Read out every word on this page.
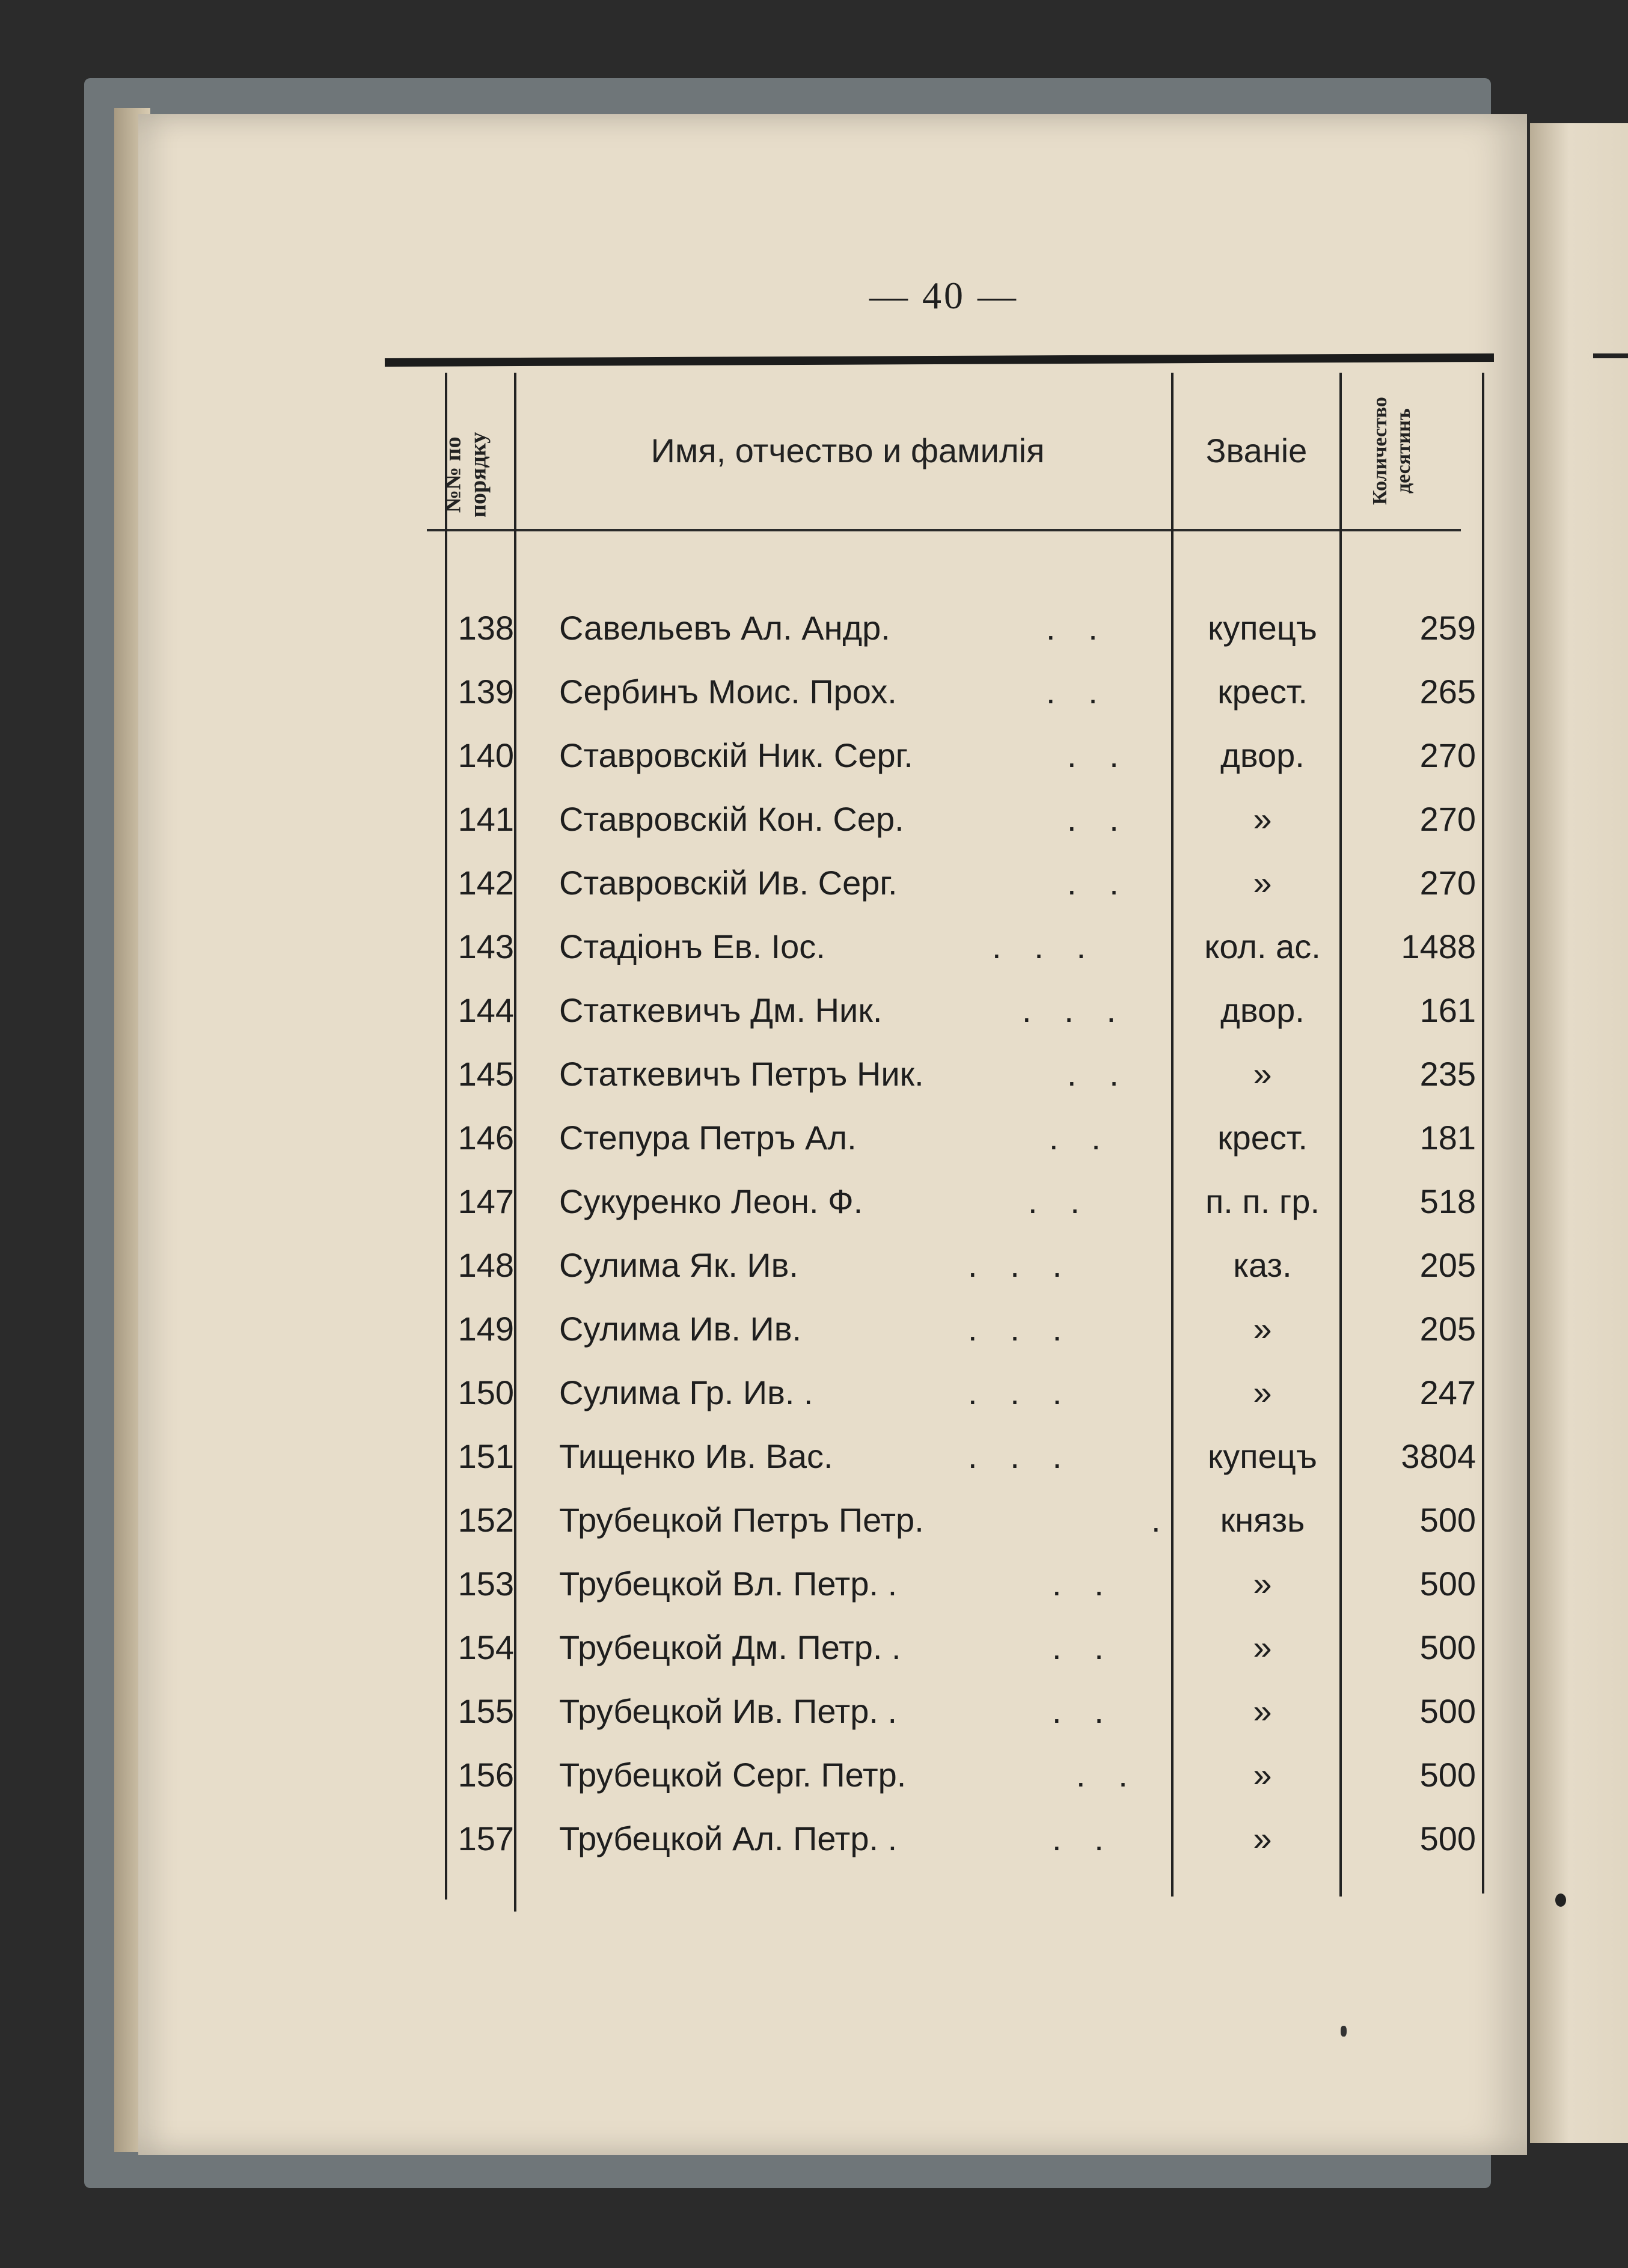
— 40 —
№№ по
порядку	Имя, отчество и фамилія	Званіе	Количество
десятинъ
138 Савельевъ Ал. Андр.	.   .	купецъ	259
139 Сербинъ Моис. Прох.	.   .	крест.	265
140 Ставровскій Ник. Серг.	.   .	двор.	270
141 Ставровскій Кон. Сер.	.   .	»	270
142 Ставровскій Ив. Серг.	.   .	»	270
143 Стадіонъ Ев. Іос.	.   .   .	кол. ас.	1488
144 Статкевичъ Дм. Ник.	.   .   .	двор.	161
145 Статкевичъ Петръ Ник.	.   .	»	235
146 Степура Петръ Ал.	.   .	крест.	181
147 Сукуренко Леон. Ф.	.   .	п. п. гр.	518
148 Сулима Як. Ив.	.   .   .	каз.	205
149 Сулима Ив. Ив.	.   .   .	»	205
150 Сулима Гр. Ив. .	.   .   .	»	247
151 Тищенко Ив. Вас.	.   .   .	купецъ	3804
152 Трубецкой Петръ Петр.	.	князь	500
153 Трубецкой Вл. Петр. .	.   .	»	500
154 Трубецкой Дм. Петр. .	.   .	»	500
155 Трубецкой Ив. Петр. .	.   .	»	500
156 Трубецкой Серг. Петр.	.   .	»	500
157 Трубецкой Ал. Петр. .	.   .	»	500
